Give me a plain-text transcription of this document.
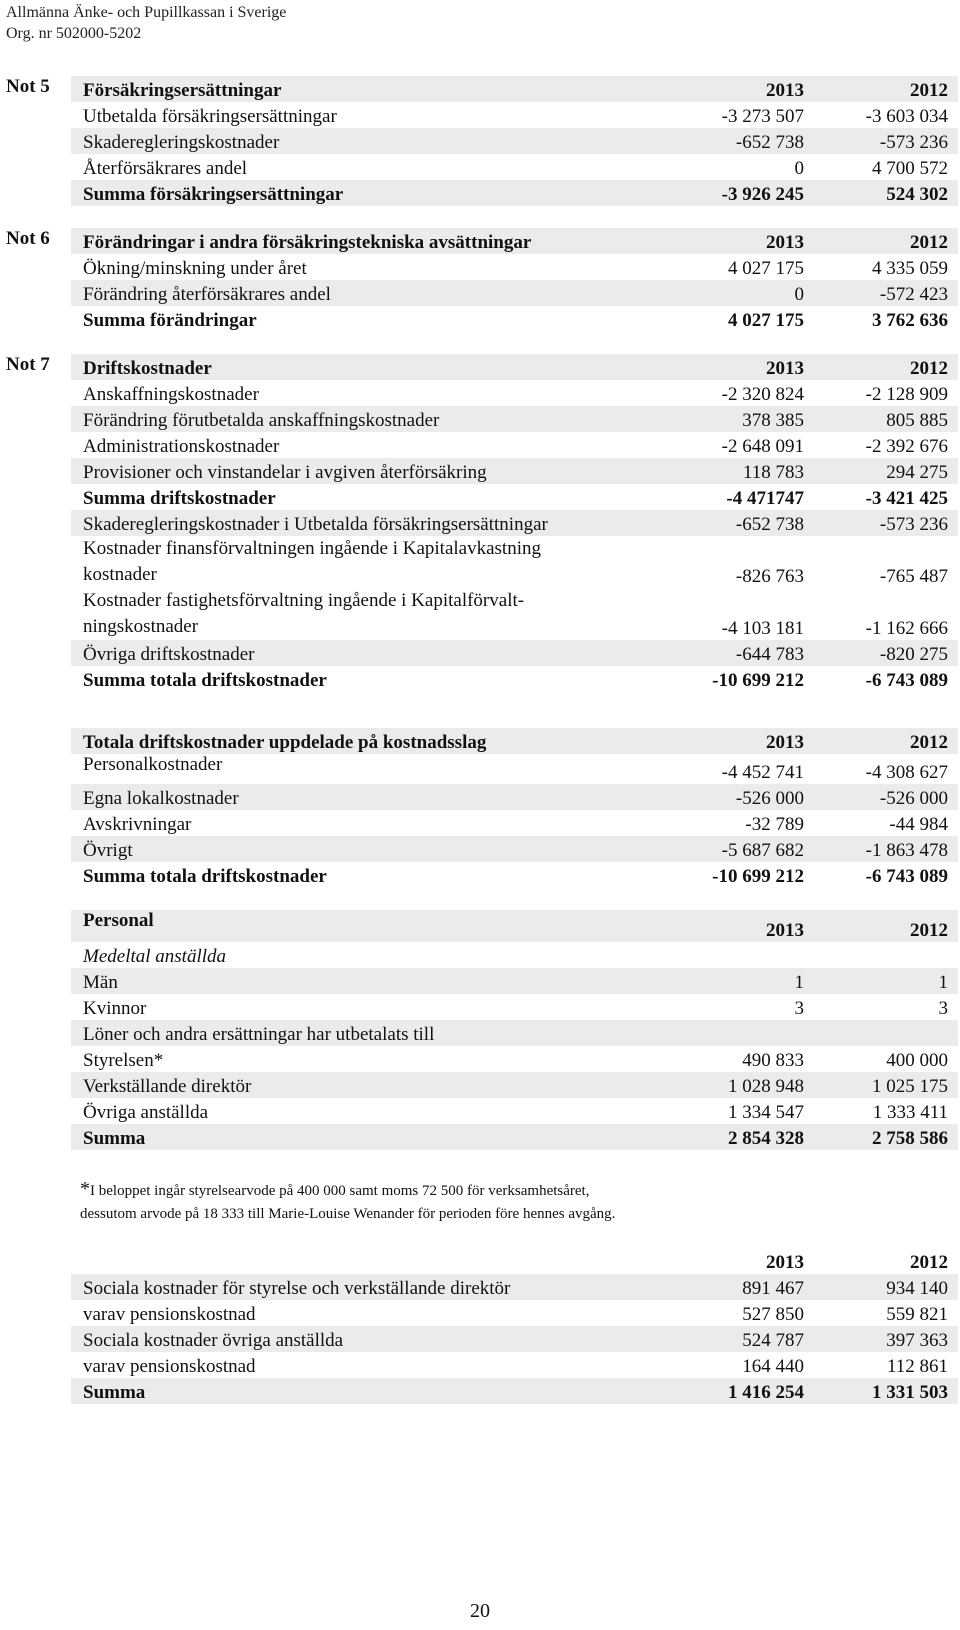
Allmänna Änke- och Pupillkassan i Sverige
Org. nr 502000-5202
Not 5	Försäkringsersättningar	2013	2012
Utbetalda försäkringsersättningar	-3 273 507	-3 603 034
Skaderegleringskostnader	-652 738	-573 236
Återförsäkrares andel	0	4 700 572
Summa försäkringsersättningar	-3 926 245	524 302
Not 6	Förändringar i andra försäkringstekniska avsättningar	2013	2012
Ökning/minskning under året	4 027 175	4 335 059
Förändring återförsäkrares andel	0	-572 423
Summa förändringar	4 027 175	3 762 636
Not 7	Driftskostnader	2013	2012
Anskaffningskostnader	-2 320 824	-2 128 909
Förändring förutbetalda anskaffningskostnader	378 385	805 885
Administrationskostnader	-2 648 091	-2 392 676
Provisioner och vinstandelar i avgiven återförsäkring	118 783	294 275
Summa driftskostnader	-4 471747	-3 421 425
Skaderegleringskostnader i Utbetalda försäkringsersättningar	-652 738	-573 236
Kostnader finansförvaltningen ingående i Kapitalavkastning
kostnader	-826 763	-765 487
Kostnader fastighetsförvaltning ingående i Kapitalförvalt-
ningskostnader	-4 103 181	-1 162 666
Övriga driftskostnader	-644 783	-820 275
Summa totala driftskostnader	-10 699 212	-6 743 089
Totala driftskostnader uppdelade på kostnadsslag	2013	2012
Personalkostnader	-4 452 741	-4 308 627
Egna lokalkostnader	-526 000	-526 000
Avskrivningar	-32 789	-44 984
Övrigt	-5 687 682	-1 863 478
Summa totala driftskostnader	-10 699 212	-6 743 089
Personal	2013	2012
Medeltal anställda
Män	1	1
Kvinnor	3	3
Löner och andra ersättningar har utbetalats till
Styrelsen*	490 833	400 000
Verkställande direktör	1 028 948	1 025 175
Övriga anställda	1 334 547	1 333 411
Summa	2 854 328	2 758 586
*I beloppet ingår styrelsearvode på 400 000 samt moms 72 500 för verksamhetsåret,
dessutom arvode på 18 333 till Marie-Louise Wenander för perioden före hennes avgång.
2013	2012
Sociala kostnader för styrelse och verkställande direktör	891 467	934 140
varav pensionskostnad	527 850	559 821
Sociala kostnader övriga anställda	524 787	397 363
varav pensionskostnad	164 440	112 861
Summa	1 416 254	1 331 503
20
